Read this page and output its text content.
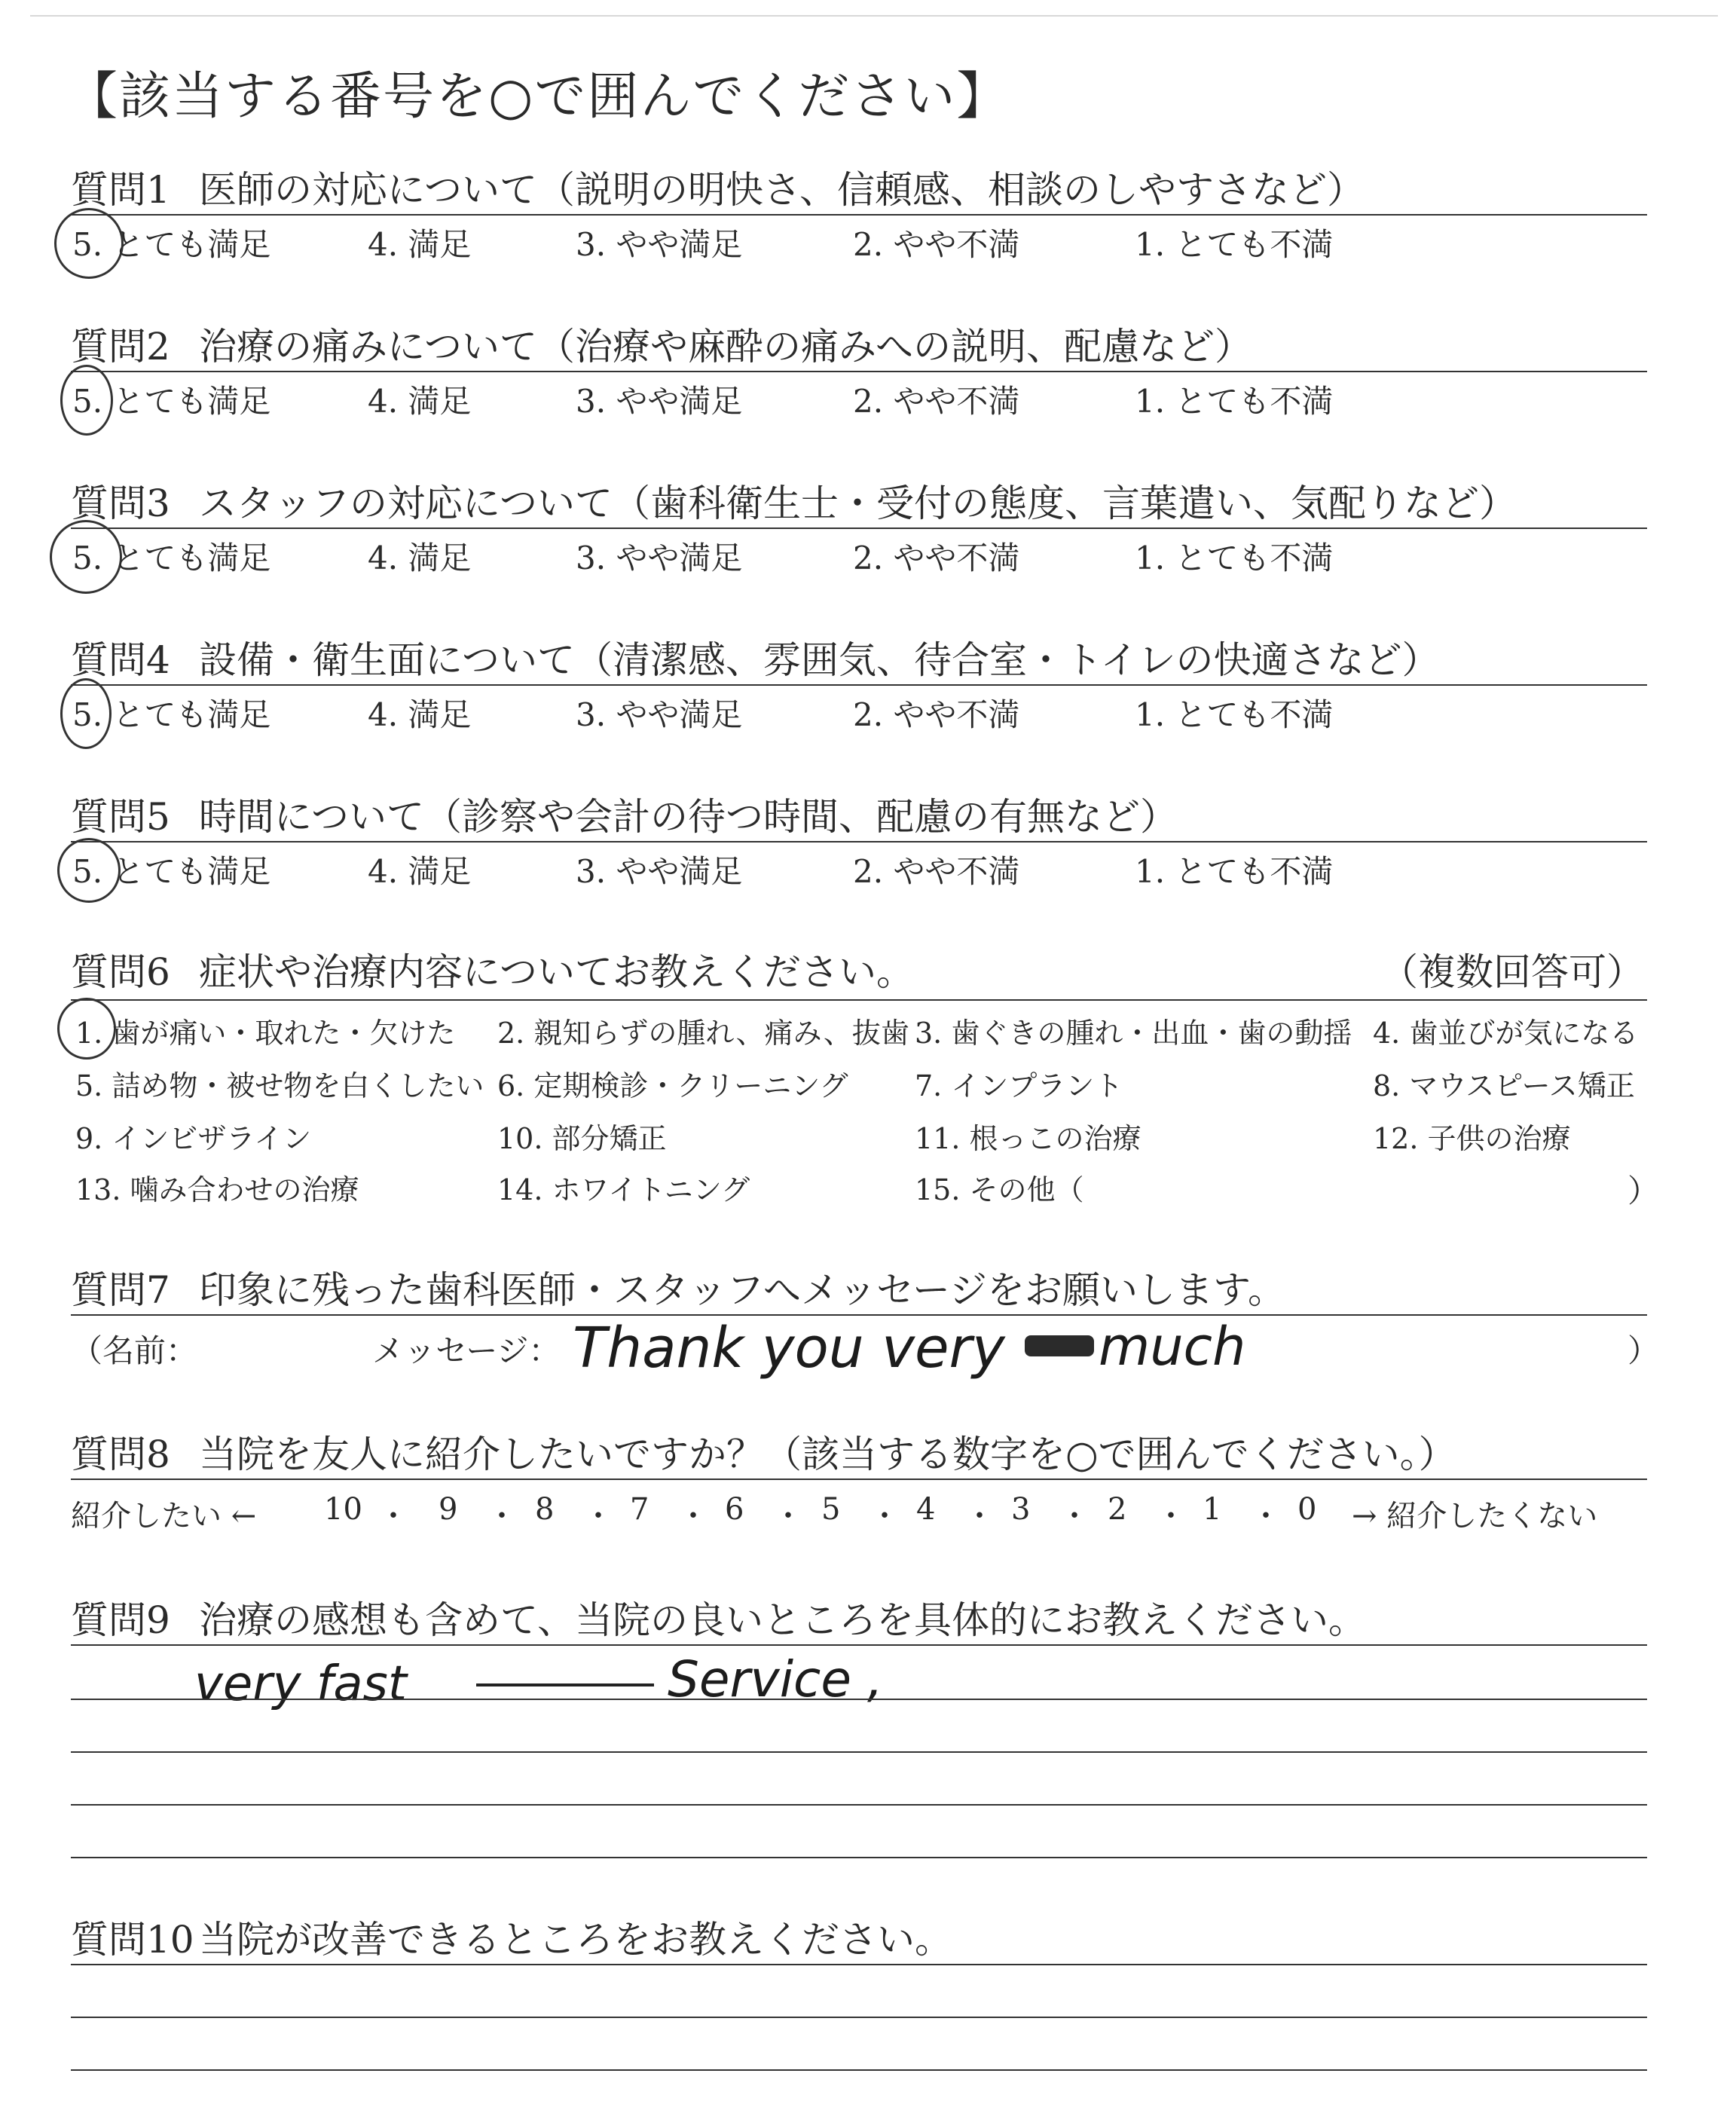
【該当する番号を○で囲んでください】
質問1 医師の対応について（説明の明快さ、信頼感、相談のしやすさなど）
5. とても満足	4. 満足	3. やや満足	2. やや不満	1. とても不満
質問2 治療の痛みについて（治療や麻酔の痛みへの説明、配慮など）
5. とても満足	4. 満足	3. やや満足	2. やや不満	1. とても不満
質問3 スタッフの対応について（歯科衛生士・受付の態度、言葉遣い、気配りなど）
5. とても満足	4. 満足	3. やや満足	2. やや不満	1. とても不満
質問4 設備・衛生面について（清潔感、雰囲気、待合室・トイレの快適さなど）
5. とても満足	4. 満足	3. やや満足	2. やや不満	1. とても不満
質問5 時間について（診察や会計の待つ時間、配慮の有無など）
5. とても満足	4. 満足	3. やや満足	2. やや不満	1. とても不満
質問6 症状や治療内容についてお教えください。	（複数回答可）
1. 歯が痛い・取れた・欠けた 2. 親知らずの腫れ、痛み、抜歯 3. 歯ぐきの腫れ・出血・歯の動揺 4. 歯並びが気になる
5. 詰め物・被せ物を白くしたい 6. 定期検診・クリーニング 7. インプラント	8. マウスピース矯正
9. インビザライン	10. 部分矯正	11. 根っこの治療	12. 子供の治療
13. 噛み合わせの治療	14. ホワイトニング	15. その他（	）
質問7 印象に残った歯科医師・スタッフへメッセージをお願いします。
（名前：	メッセージ： Thank you very much	）
質問8 当院を友人に紹介したいですか？（該当する数字を○で囲んでください。）
紹介したい ← 10 ・ 9 ・ 8 ・ 7 ・ 6 ・ 5 ・ 4 ・ 3 ・ 2 ・ 1 ・ 0 → 紹介したくない
質問9 治療の感想も含めて、当院の良いところを具体的にお教えください。
very fast	Service ,
質問10 当院が改善できるところをお教えください。
